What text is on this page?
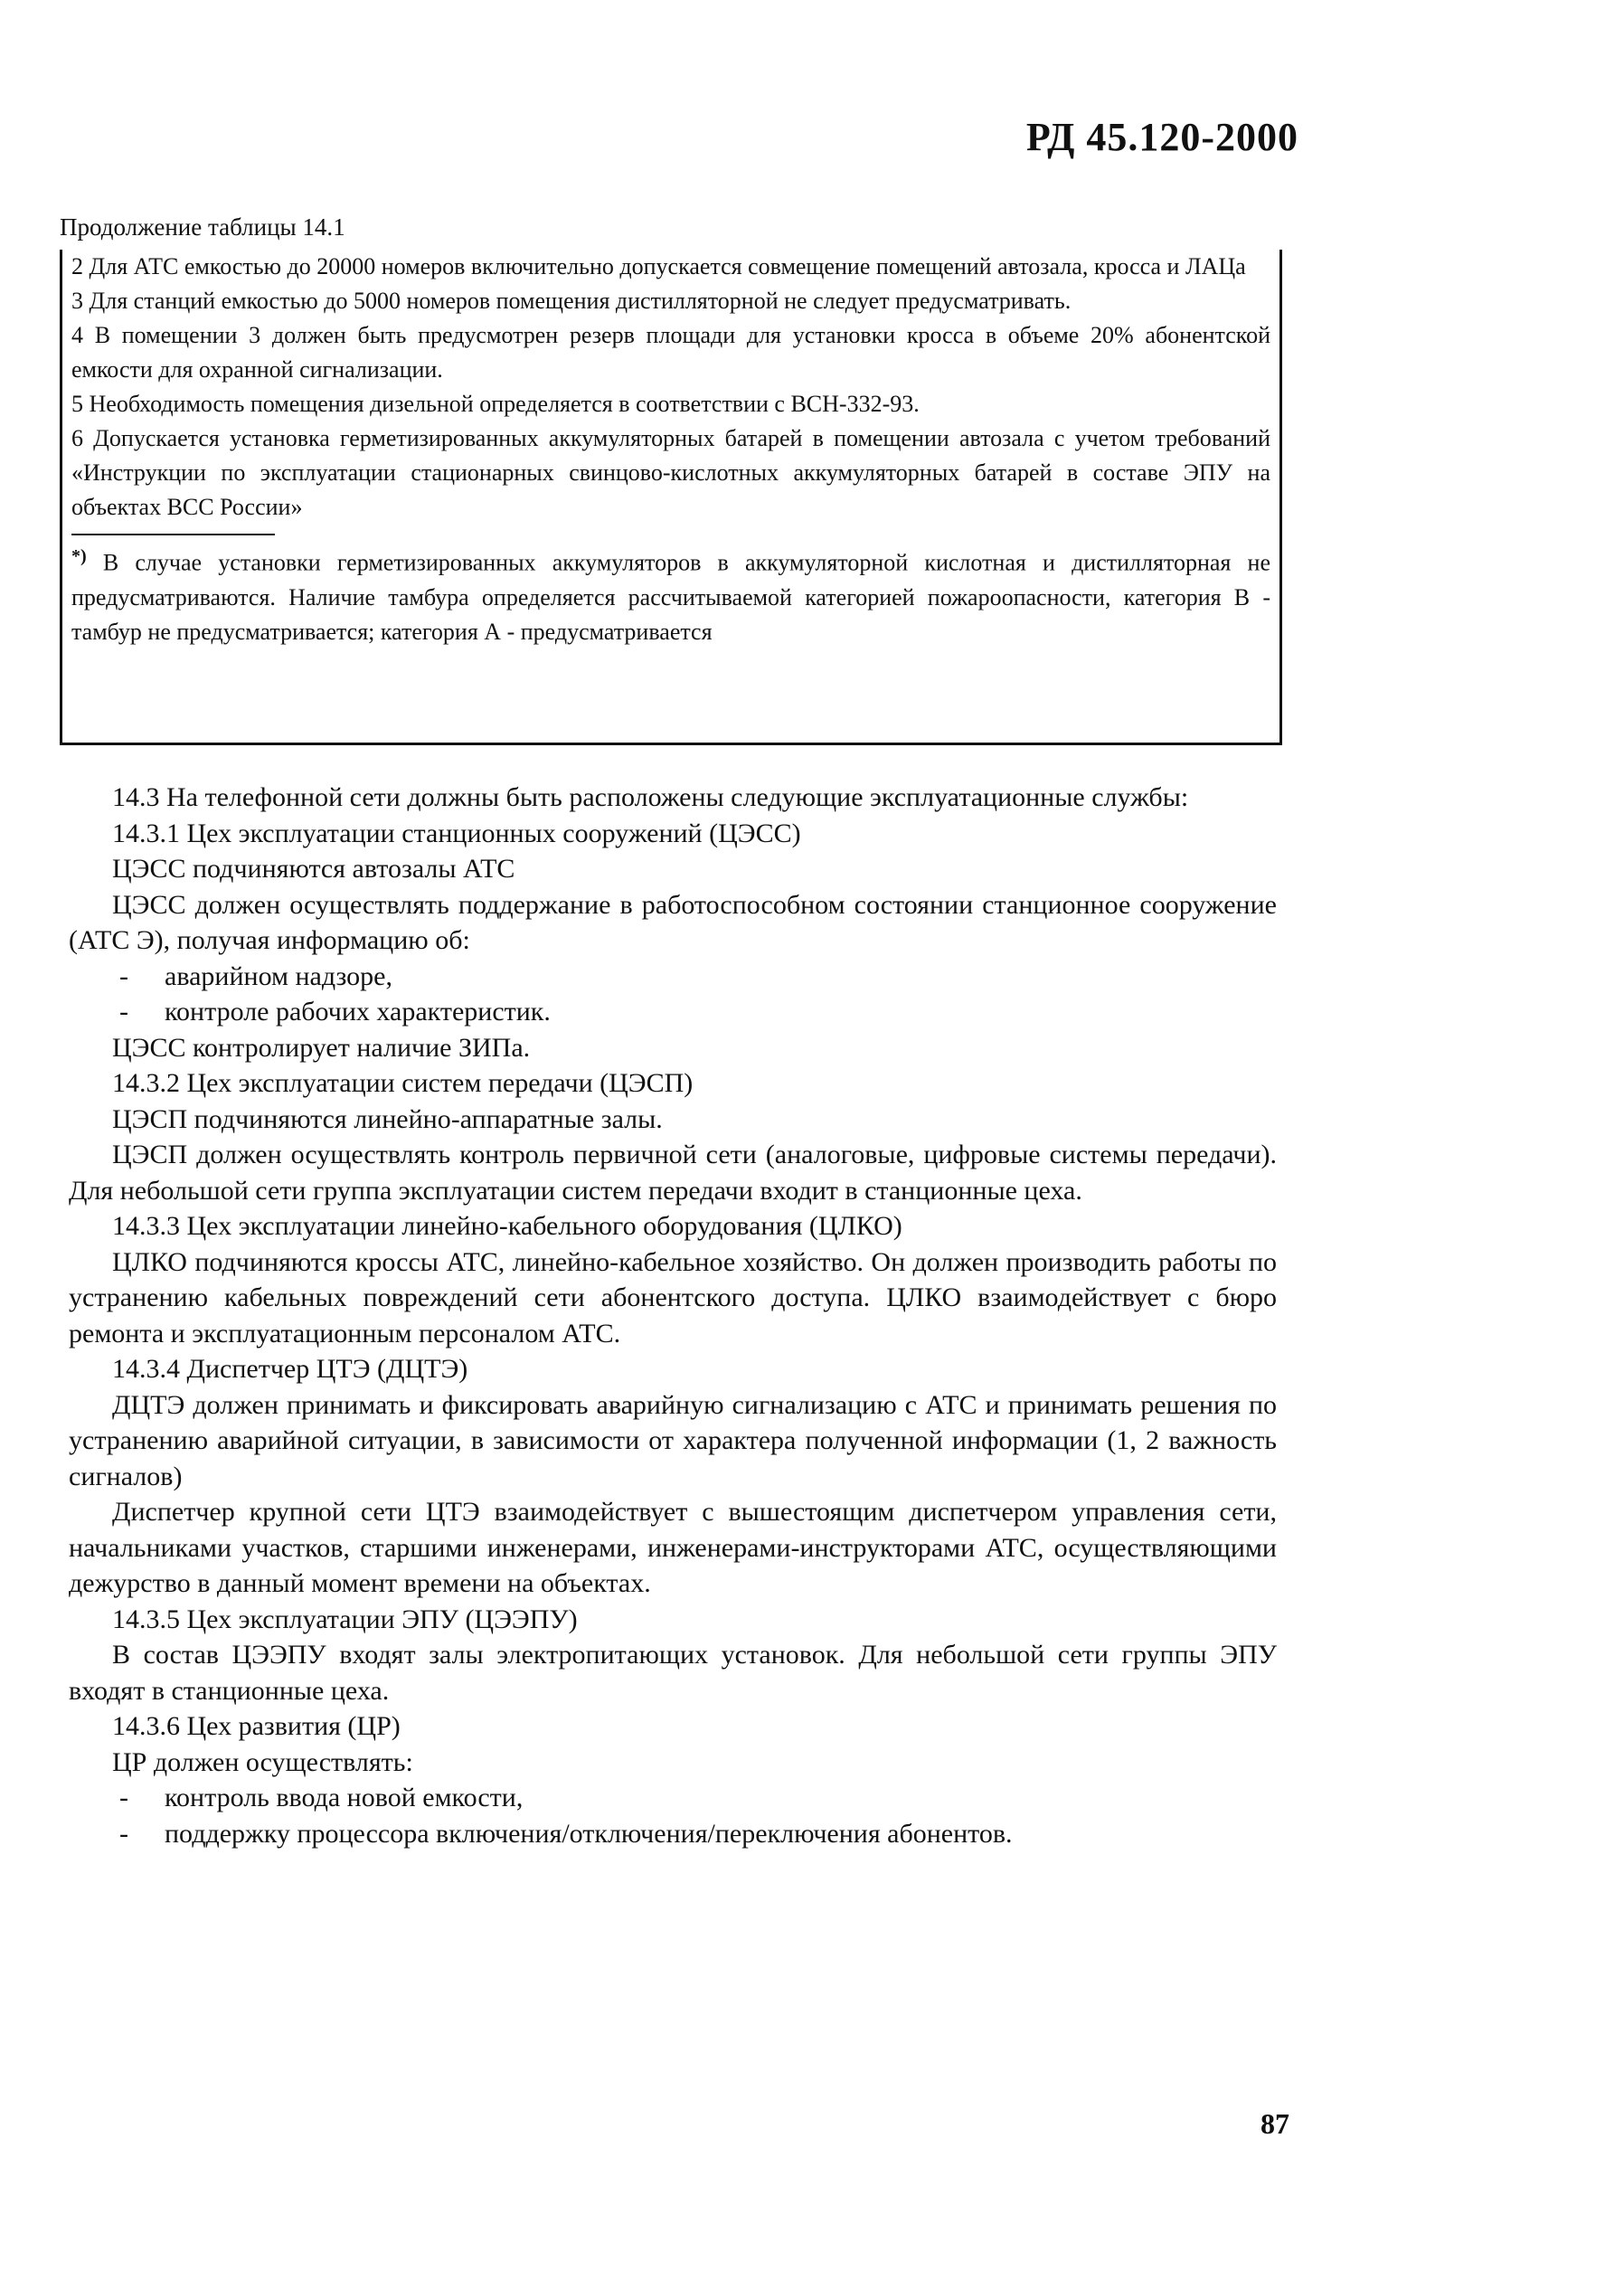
РД 45.120-2000
Продолжение таблицы 14.1

2 Для АТС емкостью до 20000 номеров включительно допускается совмещение помещений автозала, кросса и ЛАЦа

3 Для станций емкостью до 5000 номеров помещения дистилляторной не следует предусматривать.

4 В помещении 3 должен быть предусмотрен резерв площади для установки кросса в объеме 20% абонентской емкости для охранной сигнализации.

5 Необходимость помещения дизельной определяется в соответствии с ВСН-332-93.

6 Допускается установка герметизированных аккумуляторных батарей в помещении автозала с учетом требований «Инструкции по эксплуатации стационарных свинцово-кислотных аккумуляторных батарей в составе ЭПУ на объектах ВСС России»

*) В случае установки герметизированных аккумуляторов в аккумуляторной кислотная и дистилляторная не предусматриваются. Наличие тамбура определяется рассчитываемой категорией пожароопасности, категория В - тамбур не предусматривается; категория А - предусматривается

14.3 На телефонной сети должны быть расположены следующие эксплуатационные службы:

14.3.1 Цех эксплуатации станционных сооружений (ЦЭСС)

ЦЭСС подчиняются автозалы АТС

ЦЭСС должен осуществлять поддержание в работоспособном состоянии станционное сооружение (АТС Э), получая информацию об:

- аварийном надзоре,

- контроле рабочих характеристик.

ЦЭСС контролирует наличие ЗИПа.

14.3.2 Цех эксплуатации систем передачи (ЦЭСП)

ЦЭСП подчиняются линейно-аппаратные залы.

ЦЭСП должен осуществлять контроль первичной сети (аналоговые, цифровые системы передачи). Для небольшой сети группа эксплуатации систем передачи входит в станционные цеха.

14.3.3 Цех эксплуатации линейно-кабельного оборудования (ЦЛКО)

ЦЛКО подчиняются кроссы АТС, линейно-кабельное хозяйство. Он должен производить работы по устранению кабельных повреждений сети абонентского доступа. ЦЛКО взаимодействует с бюро ремонта и эксплуатационным персоналом АТС.

14.3.4 Диспетчер ЦТЭ (ДЦТЭ)

ДЦТЭ должен принимать и фиксировать аварийную сигнализацию с АТС и принимать решения по устранению аварийной ситуации, в зависимости от характера полученной информации (1, 2 важность сигналов)

Диспетчер крупной сети ЦТЭ взаимодействует с вышестоящим диспетчером управления сети, начальниками участков, старшими инженерами, инженерами-инструкторами АТС, осуществляющими дежурство в данный момент времени на объектах.

14.3.5 Цех эксплуатации ЭПУ (ЦЭЭПУ)

В состав ЦЭЭПУ входят залы электропитающих установок. Для небольшой сети группы ЭПУ входят в станционные цеха.

14.3.6 Цех развития (ЦР)

ЦР должен осуществлять:

- контроль ввода новой емкости,

- поддержку процессора включения/отключения/переключения абонентов.

87
